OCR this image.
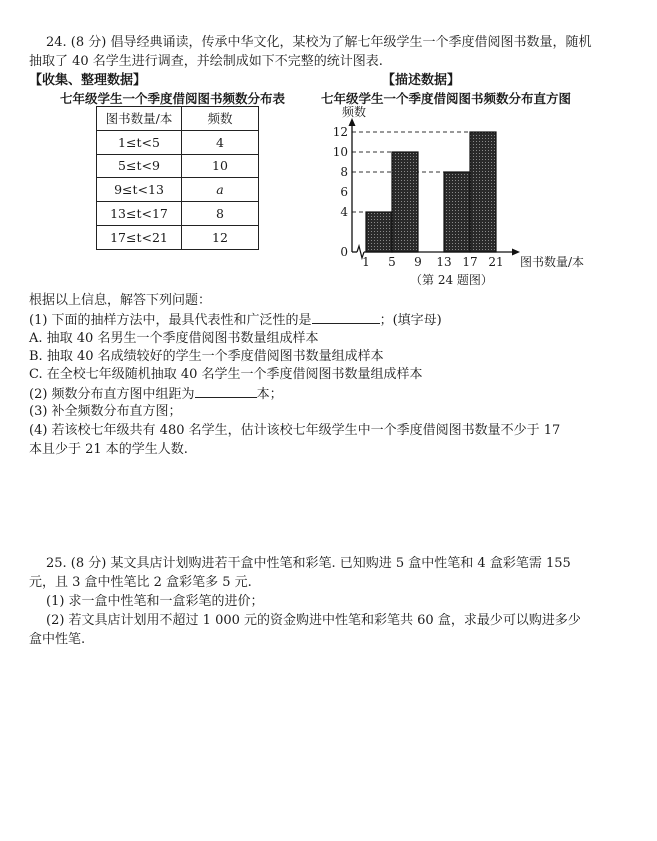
24. (8 分) 倡导经典诵读，传承中华文化，某校为了解七年级学生一个季度借阅图书数量，随机
抽取了 40 名学生进行调查，并绘制成如下不完整的统计图表.
【收集、整理数据】	【描述数据】
七年级学生一个季度借阅图书频数分布表	七年级学生一个季度借阅图书频数分布直方图
图书数量/本	频数
1≤t<5	4
5≤t<9	10
9≤t<13	a
13≤t<17	8
17≤t<21	12
0
4
6
8
10
12
1 5 9 13 17 21
频数
图书数量/本
（第 24 题图）
根据以上信息，解答下列问题：
(1) 下面的抽样方法中，最具代表性和广泛性的是	；(填字母)
A. 抽取 40 名男生一个季度借阅图书数量组成样本
B. 抽取 40 名成绩较好的学生一个季度借阅图书数量组成样本
C. 在全校七年级随机抽取 40 名学生一个季度借阅图书数量组成样本
(2) 频数分布直方图中组距为	本；
(3) 补全频数分布直方图；
(4) 若该校七年级共有 480 名学生，估计该校七年级学生中一个季度借阅图书数量不少于 17
本且少于 21 本的学生人数.
25. (8 分) 某文具店计划购进若干盒中性笔和彩笔. 已知购进 5 盒中性笔和 4 盒彩笔需 155
元，且 3 盒中性笔比 2 盒彩笔多 5 元.
(1) 求一盒中性笔和一盒彩笔的进价；
(2) 若文具店计划用不超过 1 000 元的资金购进中性笔和彩笔共 60 盒，求最少可以购进多少
盒中性笔.
